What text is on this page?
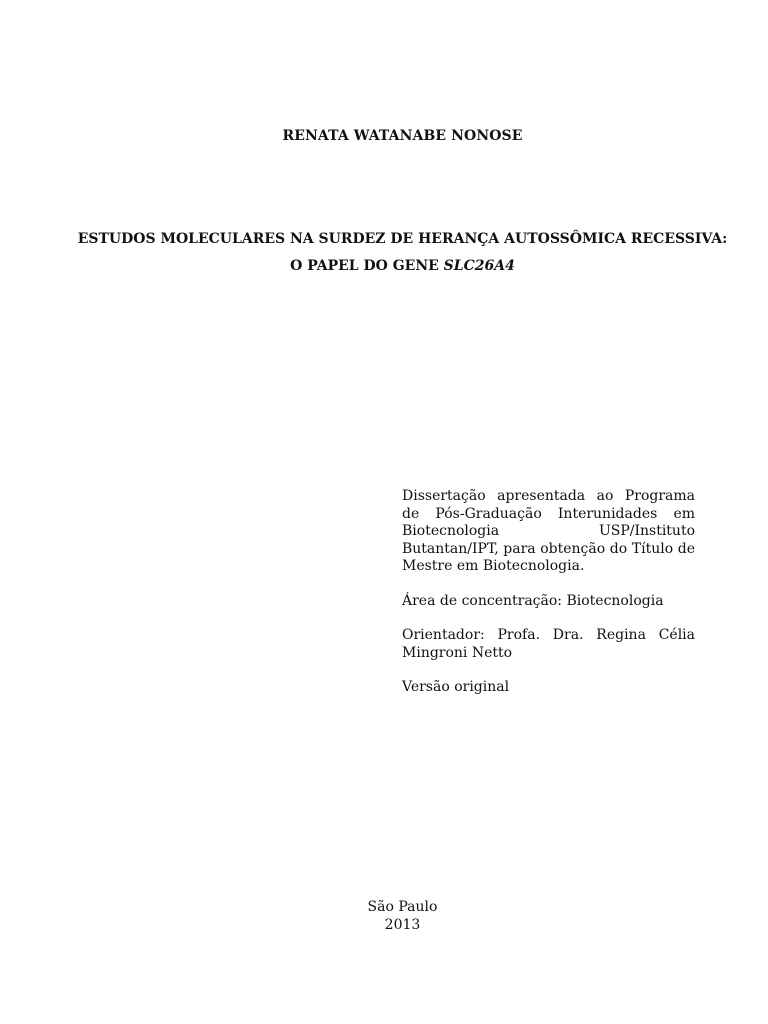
RENATA WATANABE NONOSE
ESTUDOS MOLECULARES NA SURDEZ DE HERANÇA AUTOSSÔMICA RECESSIVA:
O PAPEL DO GENE SLC26A4

Dissertação apresentada ao Programa de Pós-Graduação Interunidades em Biotecnologia USP/Instituto Butantan/IPT, para obtenção do Título de Mestre em Biotecnologia.

Área de concentração: Biotecnologia

Orientador: Profa. Dra. Regina Célia Mingroni Netto

Versão original

São Paulo
2013
